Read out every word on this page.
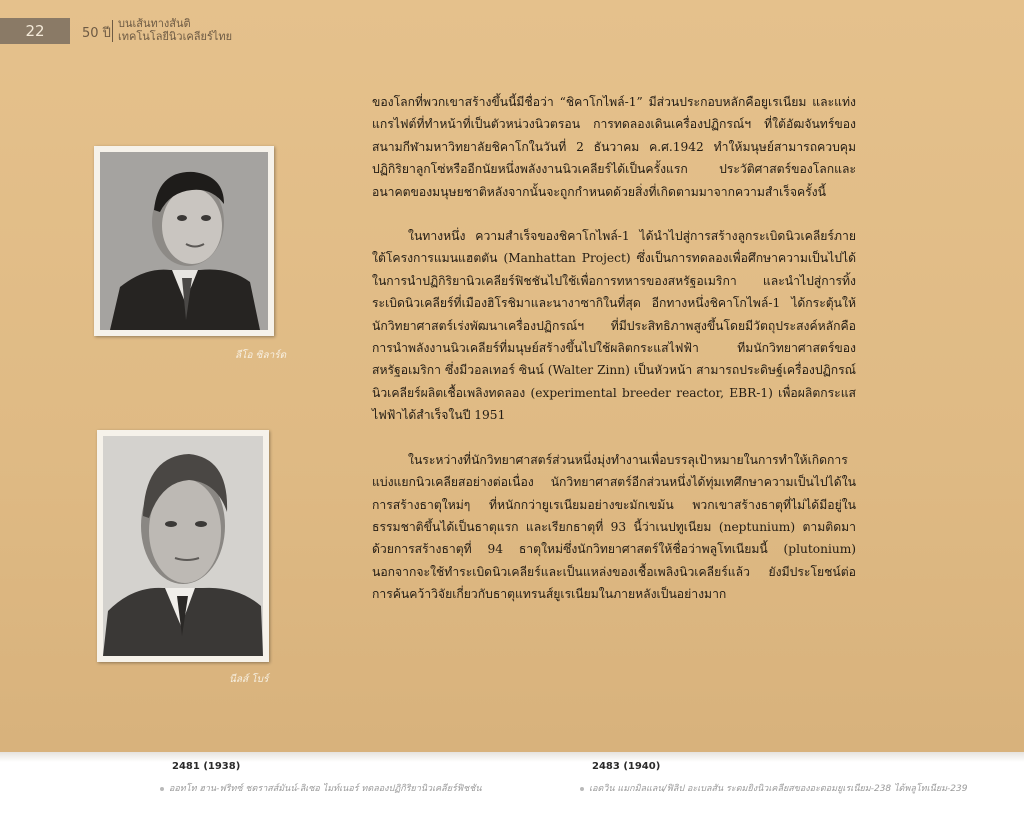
22	50 ปี
บนเส้นทางสันติ
เทคโนโลยีนิวเคลียร์ไทย
ลีโอ ซิลาร์ด
นีลส์ โบร์

ของโลกที่พวกเขาสร้างขึ้นนี้มีชื่อว่า “ชิคาโกไพล์-1” มีส่วนประกอบหลักคือยูเรเนียม และแท่งแกรไฟต์ที่ทำหน้าที่เป็นตัวหน่วงนิวตรอน การทดลองเดินเครื่องปฏิกรณ์ฯ ที่ใต้อัฒจันทร์ของสนามกีฬามหาวิทยาลัยชิคาโกในวันที่ 2 ธันวาคม ค.ศ.1942 ทำให้มนุษย์สามารถควบคุมปฏิกิริยาลูกโซ่หรืออีกนัยหนึ่งพลังงานนิวเคลียร์ได้เป็นครั้งแรก ประวัติศาสตร์ของโลกและอนาคตของมนุษยชาติหลังจากนั้นจะถูกกำหนดด้วยสิ่งที่เกิดตามมาจากความสำเร็จครั้งนี้

ในทางหนึ่ง ความสำเร็จของชิคาโกไพล์-1 ได้นำไปสู่การสร้างลูกระเบิดนิวเคลียร์ภายใต้โครงการแมนแฮตตัน (Manhattan Project) ซึ่งเป็นการทดลองเพื่อศึกษาความเป็นไปได้ในการนำปฏิกิริยานิวเคลียร์ฟิชชันไปใช้เพื่อการทหารของสหรัฐอเมริกา และนำไปสู่การทิ้งระเบิดนิวเคลียร์ที่เมืองฮิโรชิมาและนางาซากิในที่สุด อีกทางหนึ่งชิคาโกไพล์-1 ได้กระตุ้นให้นักวิทยาศาสตร์เร่งพัฒนาเครื่องปฏิกรณ์ฯ ที่มีประสิทธิภาพสูงขึ้นโดยมีวัตถุประสงค์หลักคือการนำพลังงานนิวเคลียร์ที่มนุษย์สร้างขึ้นไปใช้ผลิตกระแสไฟฟ้า ทีมนักวิทยาศาสตร์ของสหรัฐอเมริกา ซึ่งมีวอลเทอร์ ซินน์ (Walter Zinn) เป็นหัวหน้า สามารถประดิษฐ์เครื่องปฏิกรณ์นิวเคลียร์ผลิตเชื้อเพลิงทดลอง (experimental breeder reactor, EBR-1) เพื่อผลิตกระแสไฟฟ้าได้สำเร็จในปี 1951

ในระหว่างที่นักวิทยาศาสตร์ส่วนหนึ่งมุ่งทำงานเพื่อบรรลุเป้าหมายในการทำให้เกิดการแบ่งแยกนิวเคลียสอย่างต่อเนื่อง นักวิทยาศาสตร์อีกส่วนหนึ่งได้ทุ่มเทศึกษาความเป็นไปได้ในการสร้างธาตุใหม่ๆ ที่หนักกว่ายูเรเนียมอย่างขะมักเขม้น พวกเขาสร้างธาตุที่ไม่ได้มีอยู่ในธรรมชาติขึ้นได้เป็นธาตุแรก และเรียกธาตุที่ 93 นี้ว่าเนปทูเนียม (neptunium) ตามติดมาด้วยการสร้างธาตุที่ 94 ธาตุใหม่ซึ่งนักวิทยาศาสตร์ให้ชื่อว่าพลูโทเนียมนี้ (plutonium) นอกจากจะใช้ทำระเบิดนิวเคลียร์และเป็นแหล่งของเชื้อเพลิงนิวเคลียร์แล้ว ยังมีประโยชน์ต่อการค้นคว้าวิจัยเกี่ยวกับธาตุแทรนส์ยูเรเนียมในภายหลังเป็นอย่างมาก

2481 (1938)
ออทโท ฮาน-ฟริทซ์ ชตราสส์มันน์-ลิเซอ ไมท์เนอร์ ทดลองปฏิกิริยานิวเคลียร์ฟิชชัน
2483 (1940)
เอดวิน แมกมิลแลน/ฟิลิป อะเบลสัน ระดมยิงนิวเคลียสของอะตอมยูเรเนียม-238 ได้พลูโทเนียม-239
